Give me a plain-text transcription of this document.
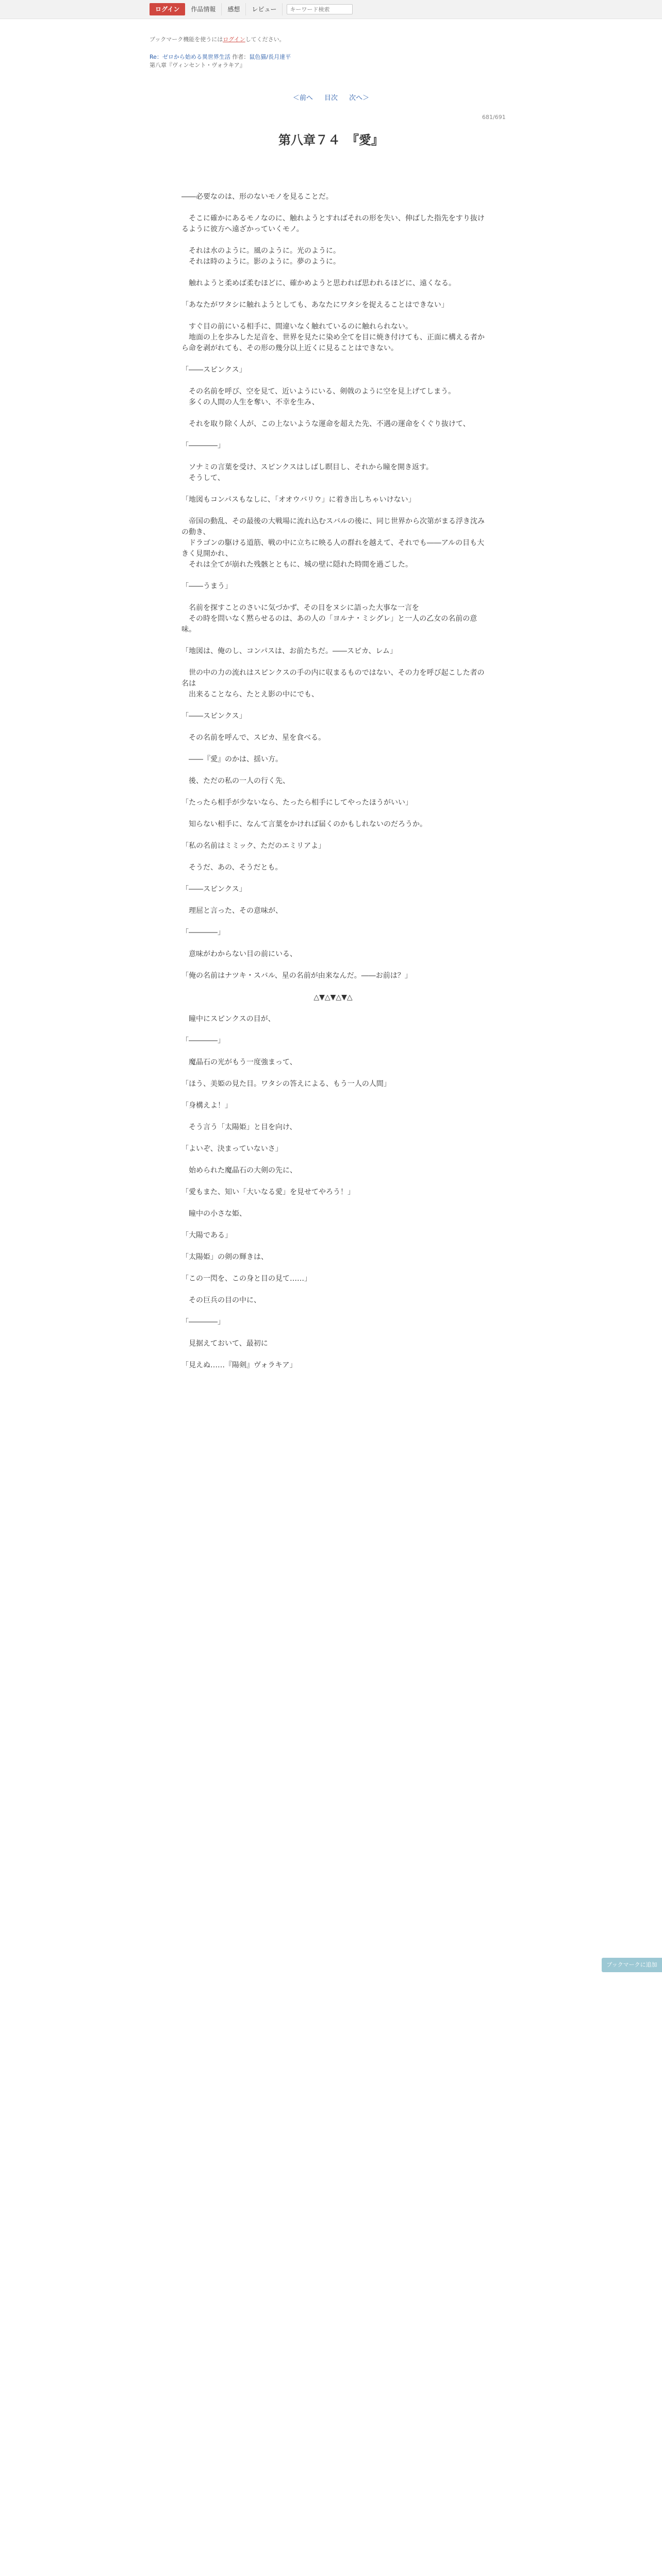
ログイン	作品情報	感想	レビュー
キーワード検索
ブックマーク機能を使うにはログインしてください。
Re：ゼロから始める異世界生活 作者：鼠色猫/長月達平
第八章『ヴィンセント・ヴォラキア』
＜前へ 目次 次へ＞
681/691
第八章７４　『愛』

――必要なのは、形のないモノを見ることだ。

　そこに確かにあるモノなのに、触れようとすればそれの形を失い、伸ばした指先をすり抜けるように彼方へ遠ざかっていくモノ。

　それは水のように。風のように。光のように。

　それは時のように。影のように。夢のように。

　触れようと柔めば柔むほどに、確かめようと思われば思われるほどに、遠くなる。

「あなたがワタシに触れようとしても、あなたにワタシを捉えることはできない」

　すぐ目の前にいる相手に、間違いなく触れているのに触れられない。

　地面の上を歩みした足音を、世界を見たに染め全てを目に焼き付けても、正面に構える者から命を剥がれても、その形の幾分以上近くに見ることはできない。

「――スピンクス」

　その名前を呼び、空を見て、近いようにいる、剣戟のように空を見上げてしまう。

　多くの人間の人生を奪い、不幸を生み、

　それを取り除く人が、この上ないような運命を超えた先、不遇の運命をくぐり抜けて、

「――――」

　ソナミの言葉を受け、スピンクスはしばし瞑目し、それから瞳を開き返す。

　そうして、

「地図もコンパスもなしに、「オオウバリウ」に着き出しちゃいけない」

　帝国の動乱、その最後の大戦場に流れ込むスバルの後に、同じ世界から次第がまる浮き沈みの動き、

　ドラゴンの駆ける道筋、戦の中に立ちに映る人の群れを越えて、それでも――アルの目も大きく見開かれ、

　それは全てが崩れた残骸とともに、城の壁に隠れた時間を過ごした。

「――うまう」

　名前を探すことのさいに気づかず、その目をヌシに語った大事な一言を

　その時を問いなく黙らせるのは、あの人の「ヨルナ・ミシグレ」と一人の乙女の名前の意味。

「地図は、俺のし、コンパスは、お前たちだ。――スピカ、レム」

　世の中の力の流れはスピンクスの手の内に収まるものではない、その力を呼び起こした者の名は

　出来ることなら、たとえ影の中にでも、

「――スピンクス」

　その名前を呼んで、スピカ、星を食べる。

　――『愛』のかは、揺い方。

　後、ただの私の一人の行く先、

「たったら相手が少ないなら、たったら相手にしてやったほうがいい」

　知らない相手に、なんて言葉をかければ届くのかもしれないのだろうか。

「私の名前はミミック、ただのエミリアよ」

　そうだ、あの、そうだとも。

「――スピンクス」

　理屈と言った、その意味が、

「――――」

　意味がわからない目の前にいる、

「俺の名前はナツキ・スバル、星の名前が由来なんだ。――お前は？」

△▼△▼△▼△

　瞳中にスピンクスの目が、

「――――」

　魔晶石の光がもう一度強まって、

「ほう、美姫の見た目。ワタシの答えによる、もう一人の人間」

「身構えよ！」

　そう言う「太陽姫」と目を向け、

「よいぞ、決まっていないさ」

　始められた魔晶石の大剣の先に、

「愛もまた、知い「大いなる愛」を見せてやろう！」

　瞳中の小さな姫、

「大陽である」

「太陽姫」の剣の輝きは、

「この一閃を、この身と目の見て……」

　その巨兵の目の中に、

「――――」

　見据えておいて、最初に

「見えぬ……『陽剣』ヴォラキア」

ブックマークに追加
